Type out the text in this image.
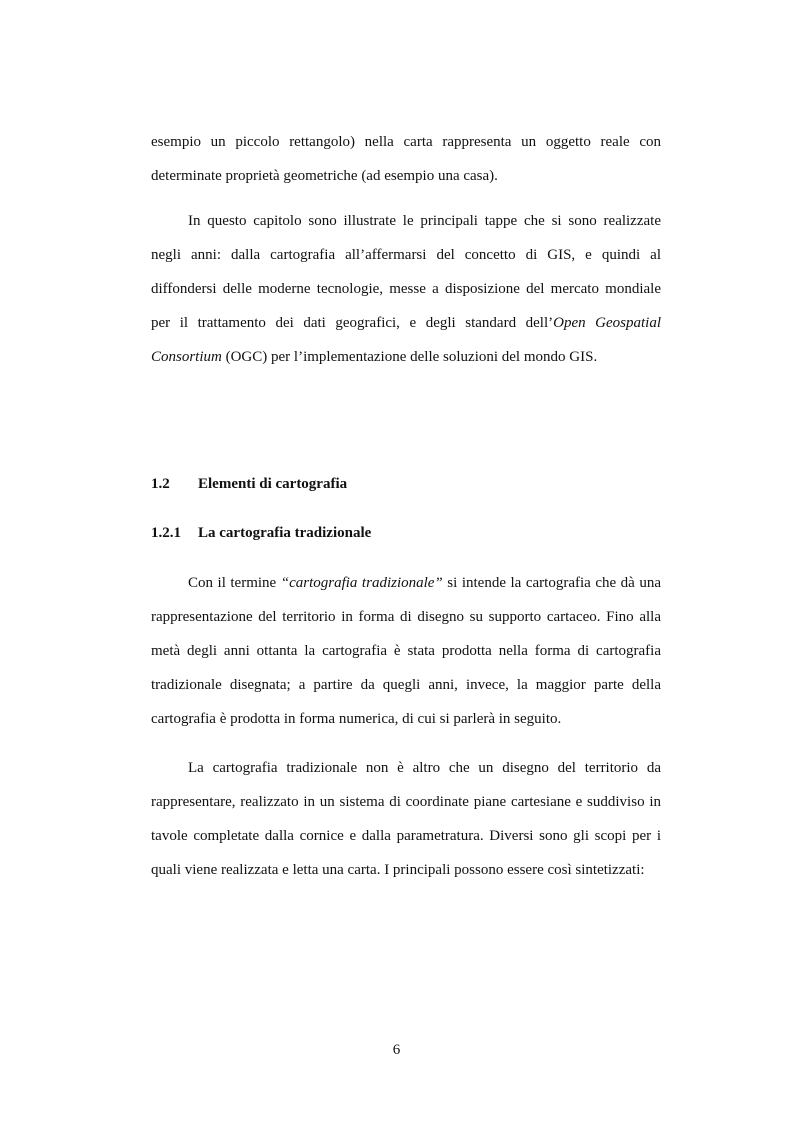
esempio un piccolo rettangolo) nella carta rappresenta un oggetto reale con determinate proprietà geometriche (ad esempio una casa).

In questo capitolo sono illustrate le principali tappe che si sono realizzate negli anni: dalla cartografia all’affermarsi del concetto di GIS, e quindi al diffondersi delle moderne tecnologie, messe a disposizione del mercato mondiale per il trattamento dei dati geografici, e degli standard dell’Open Geospatial Consortium (OGC) per l’implementazione delle soluzioni del mondo GIS.

1.2 Elementi di cartografia
1.2.1 La cartografia tradizionale

Con il termine “cartografia tradizionale” si intende la cartografia che dà una rappresentazione del territorio in forma di disegno su supporto cartaceo. Fino alla metà degli anni ottanta la cartografia è stata prodotta nella forma di cartografia tradizionale disegnata; a partire da quegli anni, invece, la maggior parte della cartografia è prodotta in forma numerica, di cui si parlerà in seguito.

La cartografia tradizionale non è altro che un disegno del territorio da rappresentare, realizzato in un sistema di coordinate piane cartesiane e suddiviso in tavole completate dalla cornice e dalla parametratura. Diversi sono gli scopi per i quali viene realizzata e letta una carta. I principali possono essere così sintetizzati:

6
